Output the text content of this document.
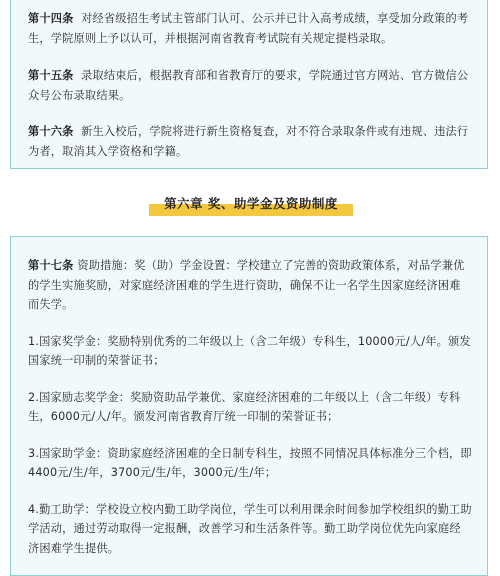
第十四条 对经省级招生考试主管部门认可、公示并已计入高考成绩，享受加分政策的考生，学院原则上予以认可，并根据河南省教育考试院有关规定提档录取。

第十五条 录取结束后，根据教育部和省教育厅的要求，学院通过官方网站、官方微信公众号公布录取结果。

第十六条 新生入校后，学院将进行新生资格复查，对不符合录取条件或有违规、违法行为者，取消其入学资格和学籍。

第六章 奖、助学金及资助制度

第十七条 资助措施：奖（助）学金设置：学校建立了完善的资助政策体系，对品学兼优的学生实施奖励，对家庭经济困难的学生进行资助，确保不让一名学生因家庭经济困难而失学。

1.国家奖学金：奖励特别优秀的二年级以上（含二年级）专科生，10000元/人/年。颁发国家统一印制的荣誉证书；

2.国家励志奖学金：奖励资助品学兼优、家庭经济困难的二年级以上（含二年级）专科生，6000元/人/年。颁发河南省教育厅统一印制的荣誉证书；

3.国家助学金：资助家庭经济困难的全日制专科生，按照不同情况具体标准分三个档，即4400元/生/年，3700元/生/年，3000元/生/年；

4.勤工助学：学校设立校内勤工助学岗位，学生可以利用课余时间参加学校组织的勤工助学活动，通过劳动取得一定报酬，改善学习和生活条件等。勤工助学岗位优先向家庭经济困难学生提供。
